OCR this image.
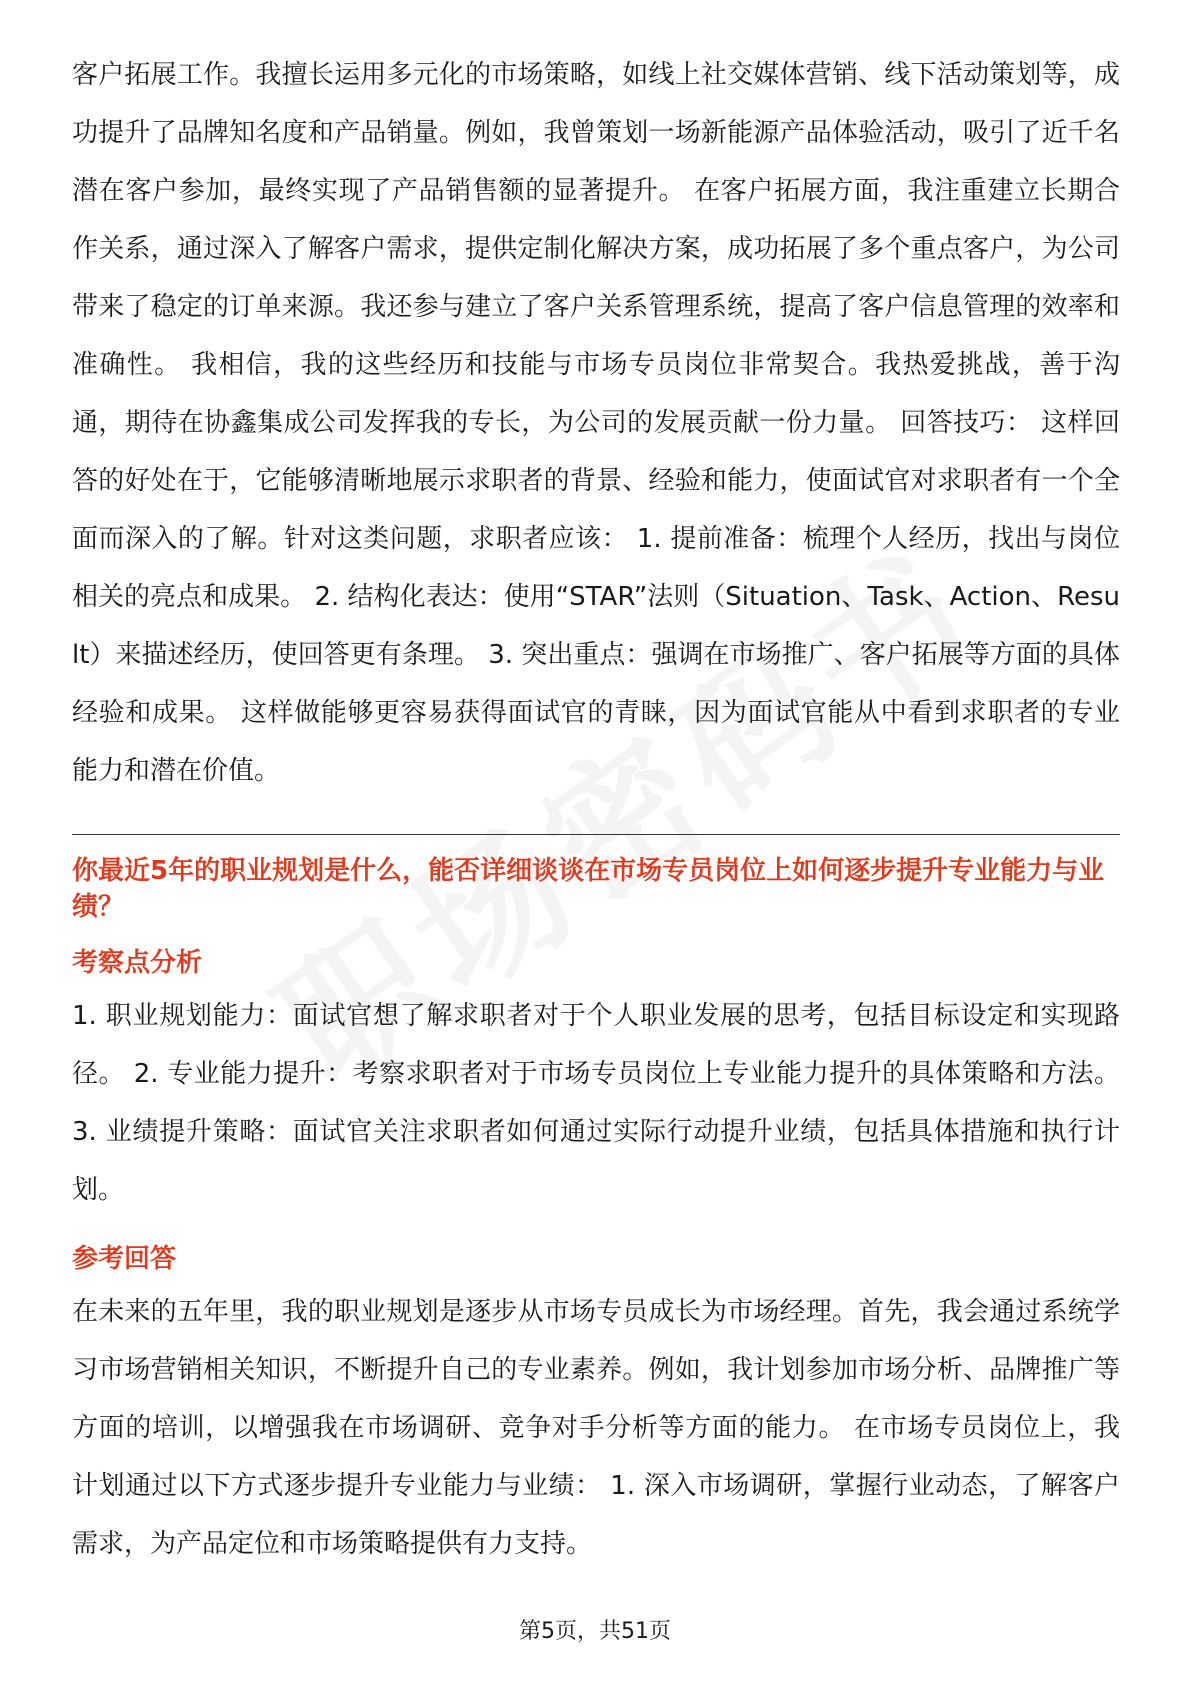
客户拓展工作。我擅长运用多元化的市场策略，如线上社交媒体营销、线下活动策划等，成功提升了品牌知名度和产品销量。例如，我曾策划一场新能源产品体验活动，吸引了近千名潜在客户参加，最终实现了产品销售额的显著提升。 在客户拓展方面，我注重建立长期合作关系，通过深入了解客户需求，提供定制化解决方案，成功拓展了多个重点客户，为公司带来了稳定的订单来源。我还参与建立了客户关系管理系统，提高了客户信息管理的效率和准确性。 我相信，我的这些经历和技能与市场专员岗位非常契合。我热爱挑战，善于沟通，期待在协鑫集成公司发挥我的专长，为公司的发展贡献一份力量。 回答技巧： 这样回答的好处在于，它能够清晰地展示求职者的背景、经验和能力，使面试官对求职者有一个全面而深入的了解。针对这类问题，求职者应该： 1. 提前准备：梳理个人经历，找出与岗位相关的亮点和成果。 2. 结构化表达：使用“STAR”法则（Situation、Task、Action、Result）来描述经历，使回答更有条理。 3. 突出重点：强调在市场推广、客户拓展等方面的具体经验和成果。 这样做能够更容易获得面试官的青睐，因为面试官能从中看到求职者的专业能力和潜在价值。

你最近5年的职业规划是什么，能否详细谈谈在市场专员岗位上如何逐步提升专业能力与业绩？

考察点分析

1. 职业规划能力：面试官想了解求职者对于个人职业发展的思考，包括目标设定和实现路径。 2. 专业能力提升：考察求职者对于市场专员岗位上专业能力提升的具体策略和方法。 3. 业绩提升策略：面试官关注求职者如何通过实际行动提升业绩，包括具体措施和执行计划。

参考回答

在未来的五年里，我的职业规划是逐步从市场专员成长为市场经理。首先，我会通过系统学习市场营销相关知识，不断提升自己的专业素养。例如，我计划参加市场分析、品牌推广等方面的培训，以增强我在市场调研、竞争对手分析等方面的能力。 在市场专员岗位上，我计划通过以下方式逐步提升专业能力与业绩： 1. 深入市场调研，掌握行业动态，了解客户需求，为产品定位和市场策略提供有力支持。

第5页，共51页
